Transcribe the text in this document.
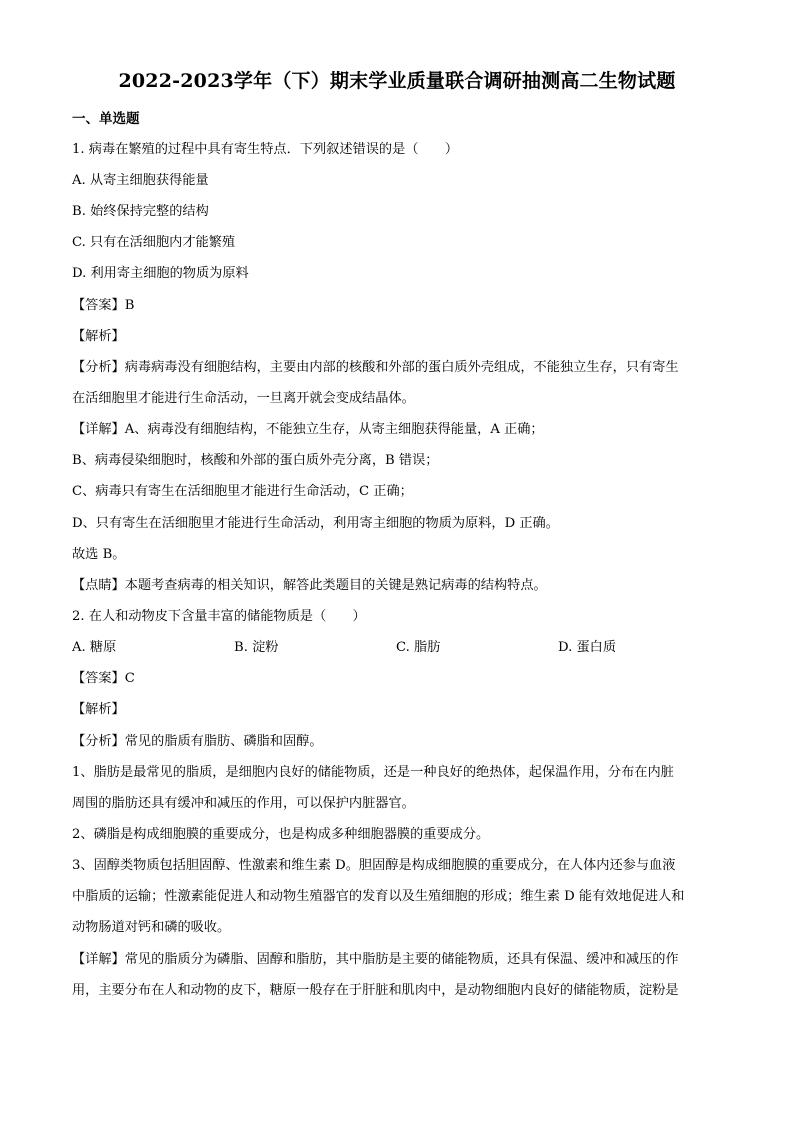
2022-2023学年（下）期末学业质量联合调研抽测高二生物试题
一、单选题
1. 病毒在繁殖的过程中具有寄生特点．下列叙述错误的是（　　）
A. 从寄主细胞获得能量
B. 始终保持完整的结构
C. 只有在活细胞内才能繁殖
D. 利用寄主细胞的物质为原料
【答案】B
【解析】
【分析】病毒病毒没有细胞结构，主要由内部的核酸和外部的蛋白质外壳组成，不能独立生存，只有寄生
在活细胞里才能进行生命活动，一旦离开就会变成结晶体。
【详解】A、病毒没有细胞结构，不能独立生存，从寄主细胞获得能量，A 正确；
B、病毒侵染细胞时，核酸和外部的蛋白质外壳分离，B 错误；
C、病毒只有寄生在活细胞里才能进行生命活动，C 正确；
D、只有寄生在活细胞里才能进行生命活动，利用寄主细胞的物质为原料，D 正确。
故选 B。
【点睛】本题考查病毒的相关知识，解答此类题目的关键是熟记病毒的结构特点。
2. 在人和动物皮下含量丰富的储能物质是（　　）
A. 糖原	B. 淀粉	C. 脂肪	D. 蛋白质
【答案】C
【解析】
【分析】常见的脂质有脂肪、磷脂和固醇。
1、脂肪是最常见的脂质，是细胞内良好的储能物质，还是一种良好的绝热体，起保温作用，分布在内脏
周围的脂肪还具有缓冲和减压的作用，可以保护内脏器官。
2、磷脂是构成细胞膜的重要成分，也是构成多种细胞器膜的重要成分。
3、固醇类物质包括胆固醇、性激素和维生素 D。胆固醇是构成细胞膜的重要成分，在人体内还参与血液
中脂质的运输；性激素能促进人和动物生殖器官的发育以及生殖细胞的形成；维生素 D 能有效地促进人和
动物肠道对钙和磷的吸收。
【详解】常见的脂质分为磷脂、固醇和脂肪，其中脂肪是主要的储能物质，还具有保温、缓冲和减压的作
用，主要分布在人和动物的皮下，糖原一般存在于肝脏和肌肉中，是动物细胞内良好的储能物质，淀粉是
